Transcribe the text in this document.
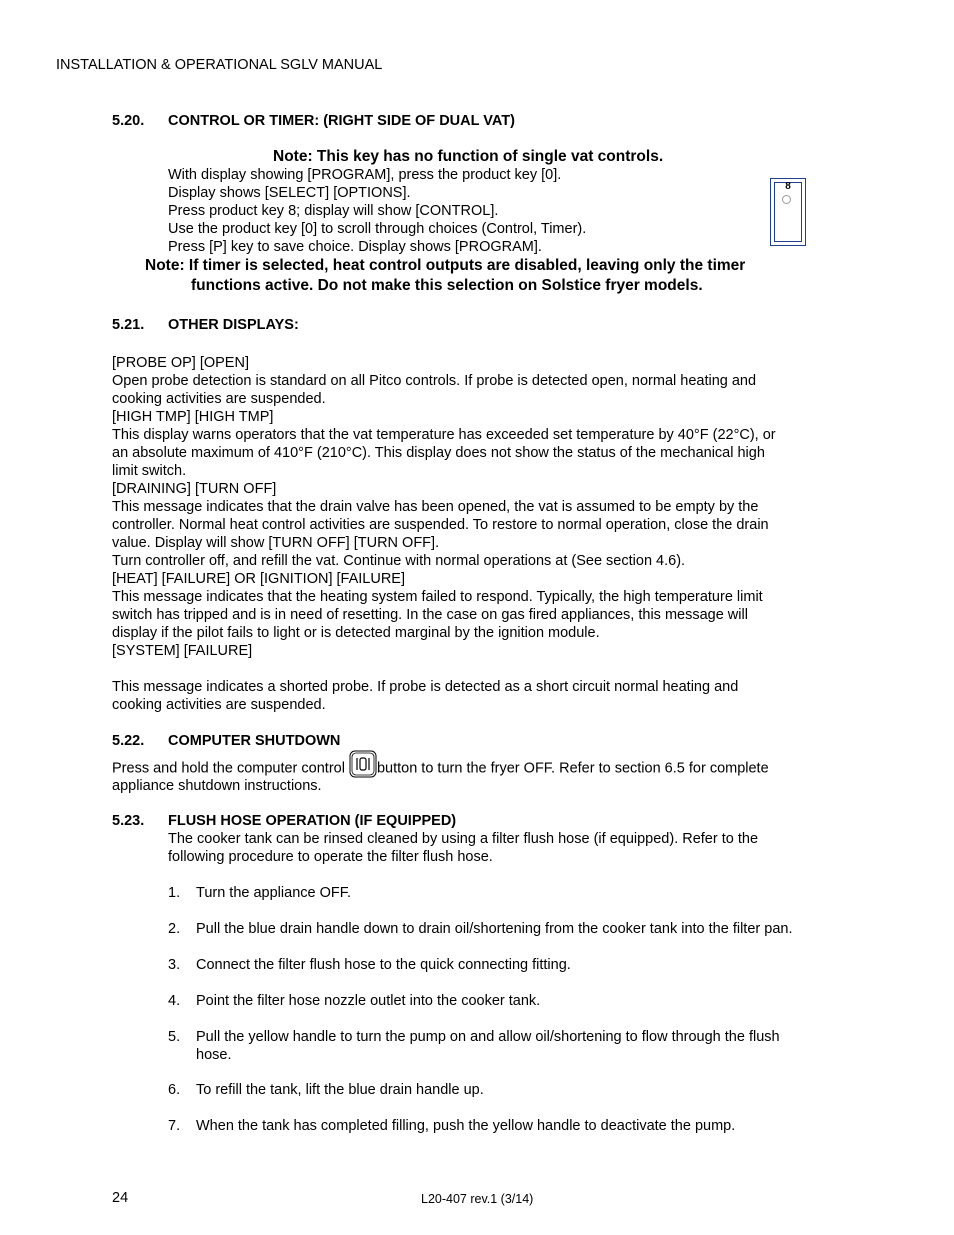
INSTALLATION & OPERATIONAL SGLV MANUAL
5.20. CONTROL OR TIMER: (RIGHT SIDE OF DUAL VAT)
Note: This key has no function of single vat controls.
With display showing [PROGRAM], press the product key [0].
Display shows [SELECT] [OPTIONS].
Press product key 8; display will show [CONTROL].
Use the product key [0] to scroll through choices (Control, Timer).
Press [P] key to save choice. Display shows [PROGRAM].
8
Note: If timer is selected, heat control outputs are disabled, leaving only the timer
functions active. Do not make this selection on Solstice fryer models.
5.21. OTHER DISPLAYS:
[PROBE OP] [OPEN]
Open probe detection is standard on all Pitco controls. If probe is detected open, normal heating and
cooking activities are suspended.
[HIGH TMP] [HIGH TMP]
This display warns operators that the vat temperature has exceeded set temperature by 40°F (22°C), or
an absolute maximum of 410°F (210°C). This display does not show the status of the mechanical high
limit switch.
[DRAINING] [TURN OFF]
This message indicates that the drain valve has been opened, the vat is assumed to be empty by the
controller. Normal heat control activities are suspended. To restore to normal operation, close the drain
value. Display will show [TURN OFF] [TURN OFF].
Turn controller off, and refill the vat. Continue with normal operations at (See section 4.6).
[HEAT] [FAILURE] OR [IGNITION] [FAILURE]
This message indicates that the heating system failed to respond. Typically, the high temperature limit
switch has tripped and is in need of resetting. In the case on gas fired appliances, this message will
display if the pilot fails to light or is detected marginal by the ignition module.
[SYSTEM] [FAILURE]
This message indicates a shorted probe. If probe is detected as a short circuit normal heating and
cooking activities are suspended.
5.22. COMPUTER SHUTDOWN
Press and hold the computer control button to turn the fryer OFF. Refer to section 6.5 for complete
appliance shutdown instructions.
5.23. FLUSH HOSE OPERATION (IF EQUIPPED)
The cooker tank can be rinsed cleaned by using a filter flush hose (if equipped). Refer to the
following procedure to operate the filter flush hose.
1. Turn the appliance OFF.
2. Pull the blue drain handle down to drain oil/shortening from the cooker tank into the filter pan.
3. Connect the filter flush hose to the quick connecting fitting.
4. Point the filter hose nozzle outlet into the cooker tank.
5. Pull the yellow handle to turn the pump on and allow oil/shortening to flow through the flush
hose.
6. To refill the tank, lift the blue drain handle up.
7. When the tank has completed filling, push the yellow handle to deactivate the pump.
24	L20-407 rev.1 (3/14)
